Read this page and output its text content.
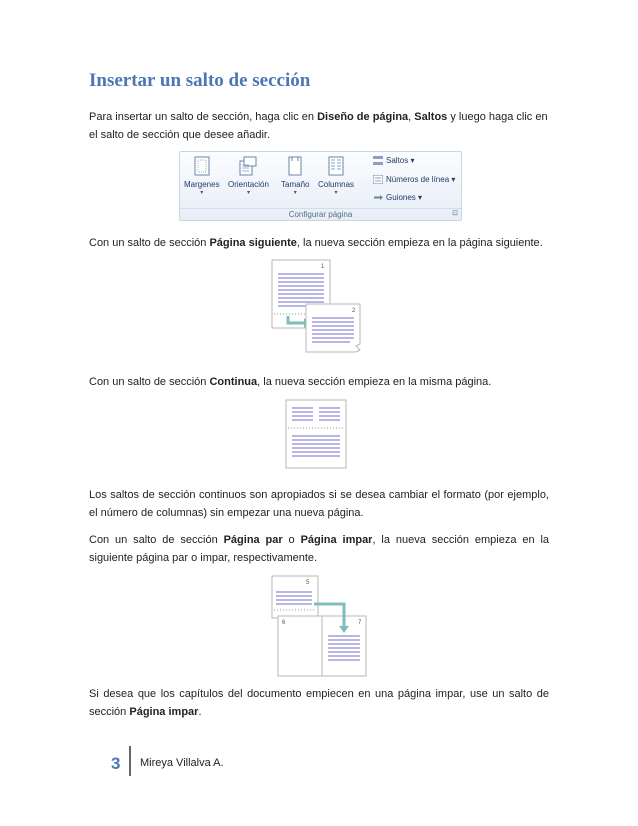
Insertar un salto de sección
Para insertar un salto de sección, haga clic en Diseño de página, Saltos y luego haga clic en el salto de sección que desee añadir.
Margenes
▾
Orientación
▾
Tamaño
▾
Columnas
▾
Saltos ▾
Números de línea ▾
Guiones ▾
Configurar página	⊡
Con un salto de sección Página siguiente, la nueva sección empieza en la página siguiente.
1
2
Con un salto de sección Continua, la nueva sección empieza en la misma página.
Los saltos de sección continuos son apropiados si se desea cambiar el formato (por ejemplo, el número de columnas) sin empezar una nueva página.
Con un salto de sección Página par o Página impar, la nueva sección empieza en la siguiente página par o impar, respectivamente.
5
6	7
Si desea que los capítulos del documento empiecen en una página impar, use un salto de sección Página impar.
3 Mireya Villalva A.
